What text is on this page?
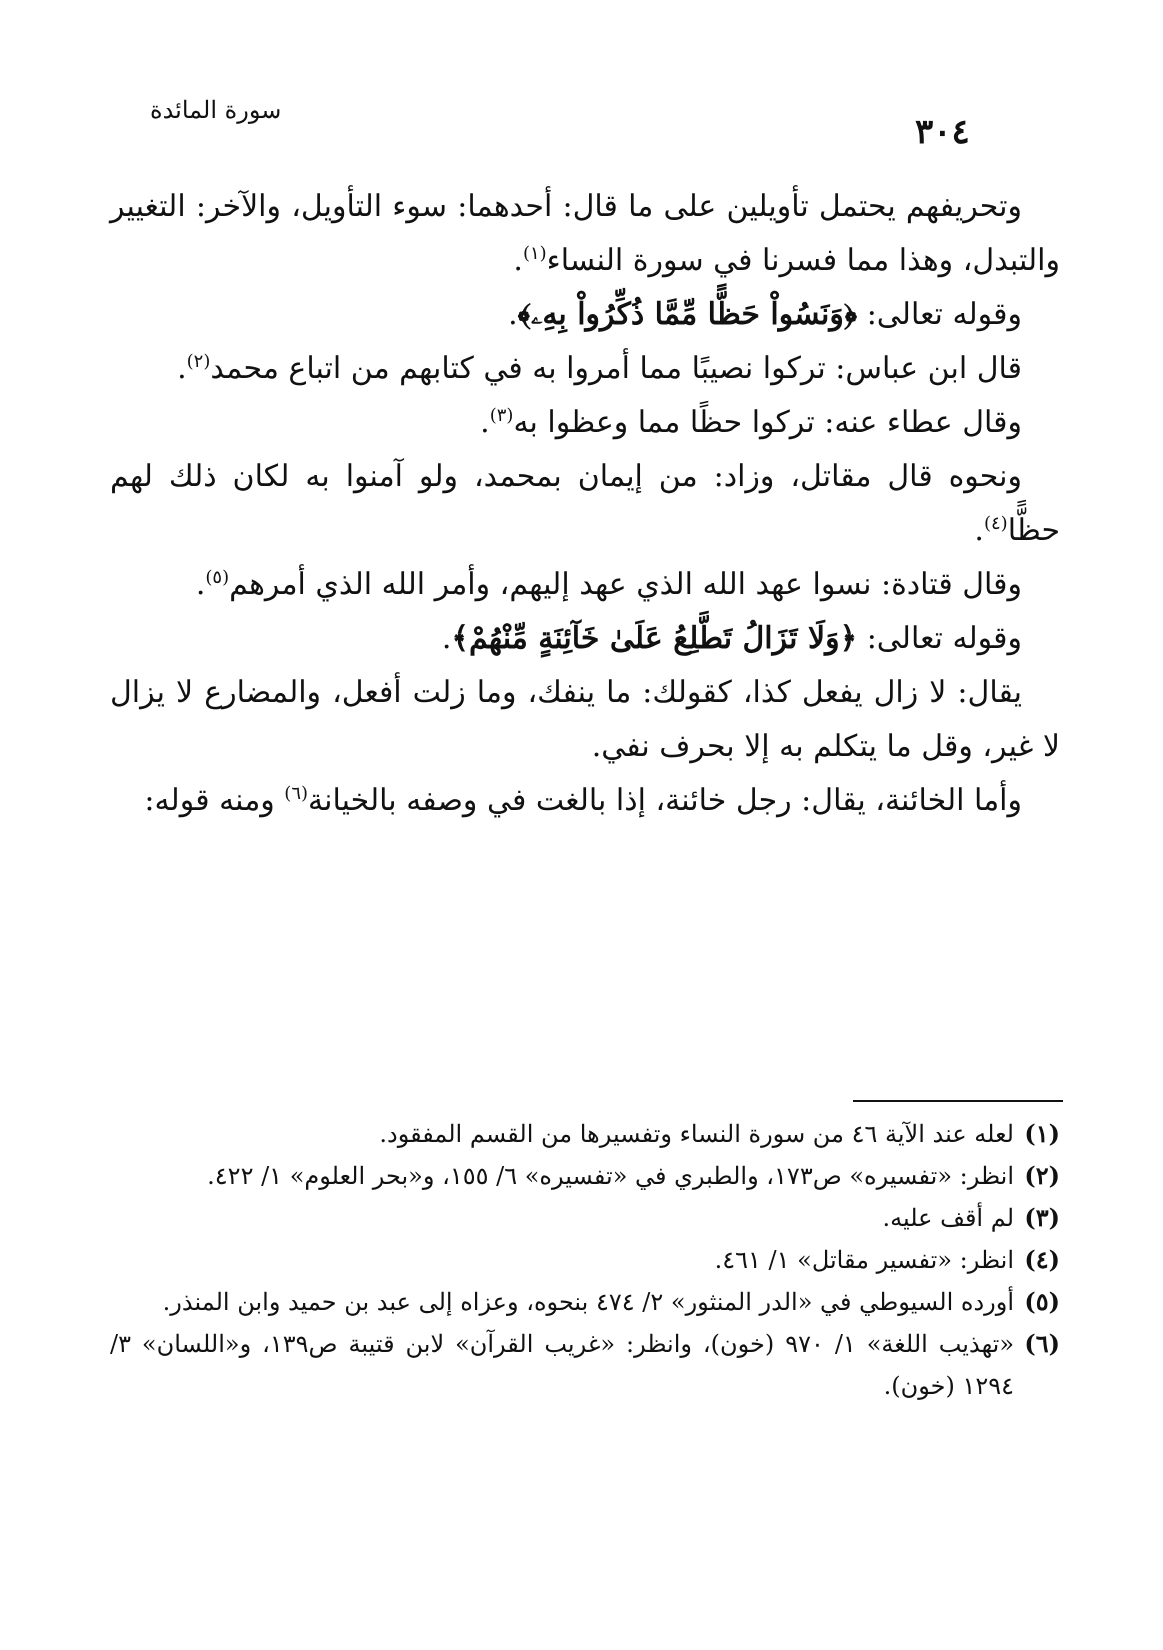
سورة المائدة
٣٠٤

وتحريفهم يحتمل تأويلين على ما قال: أحدهما: سوء التأويل، والآخر: التغيير والتبدل، وهذا مما فسرنا في سورة النساء$^{(١)}$.

وقوله تعالى: ﴿وَنَسُواْ حَظًّا مِّمَّا ذُكِّرُواْ بِهِۦ﴾.

قال ابن عباس: تركوا نصيبًا مما أمروا به في كتابهم من اتباع محمد$^{(٢)}$.

وقال عطاء عنه: تركوا حظًا مما وعظوا به$^{(٣)}$.

ونحوه قال مقاتل، وزاد: من إيمان بمحمد، ولو آمنوا به لكان ذلك لهم حظًّا$^{(٤)}$.

وقال قتادة: نسوا عهد الله الذي عهد إليهم، وأمر الله الذي أمرهم$^{(٥)}$.

وقوله تعالى: ﴿وَلَا تَزَالُ تَطَّلِعُ عَلَىٰ خَآئِنَةٍ مِّنْهُمْ﴾.

يقال: لا زال يفعل كذا، كقولك: ما ينفك، وما زلت أفعل، والمضارع لا يزال لا غير، وقل ما يتكلم به إلا بحرف نفي.

وأما الخائنة، يقال: رجل خائنة، إذا بالغت في وصفه بالخيانة$^{(٦)}$ ومنه قوله:

(١)
لعله عند الآية ٤٦ من سورة النساء وتفسيرها من القسم المفقود.
(٢)
انظر: «تفسيره» ص١٧٣، والطبري في «تفسيره» ٦/ ١٥٥، و«بحر العلوم» ١/ ٤٢٢.
(٣)
لم أقف عليه.
(٤)
انظر: «تفسير مقاتل» ١/ ٤٦١.
(٥)
أورده السيوطي في «الدر المنثور» ٢/ ٤٧٤ بنحوه، وعزاه إلى عبد بن حميد وابن المنذر.
(٦)
«تهذيب اللغة» ١/ ٩٧٠ (خون)، وانظر: «غريب القرآن» لابن قتيبة ص١٣٩، و«اللسان» ٣/ ١٢٩٤ (خون).
